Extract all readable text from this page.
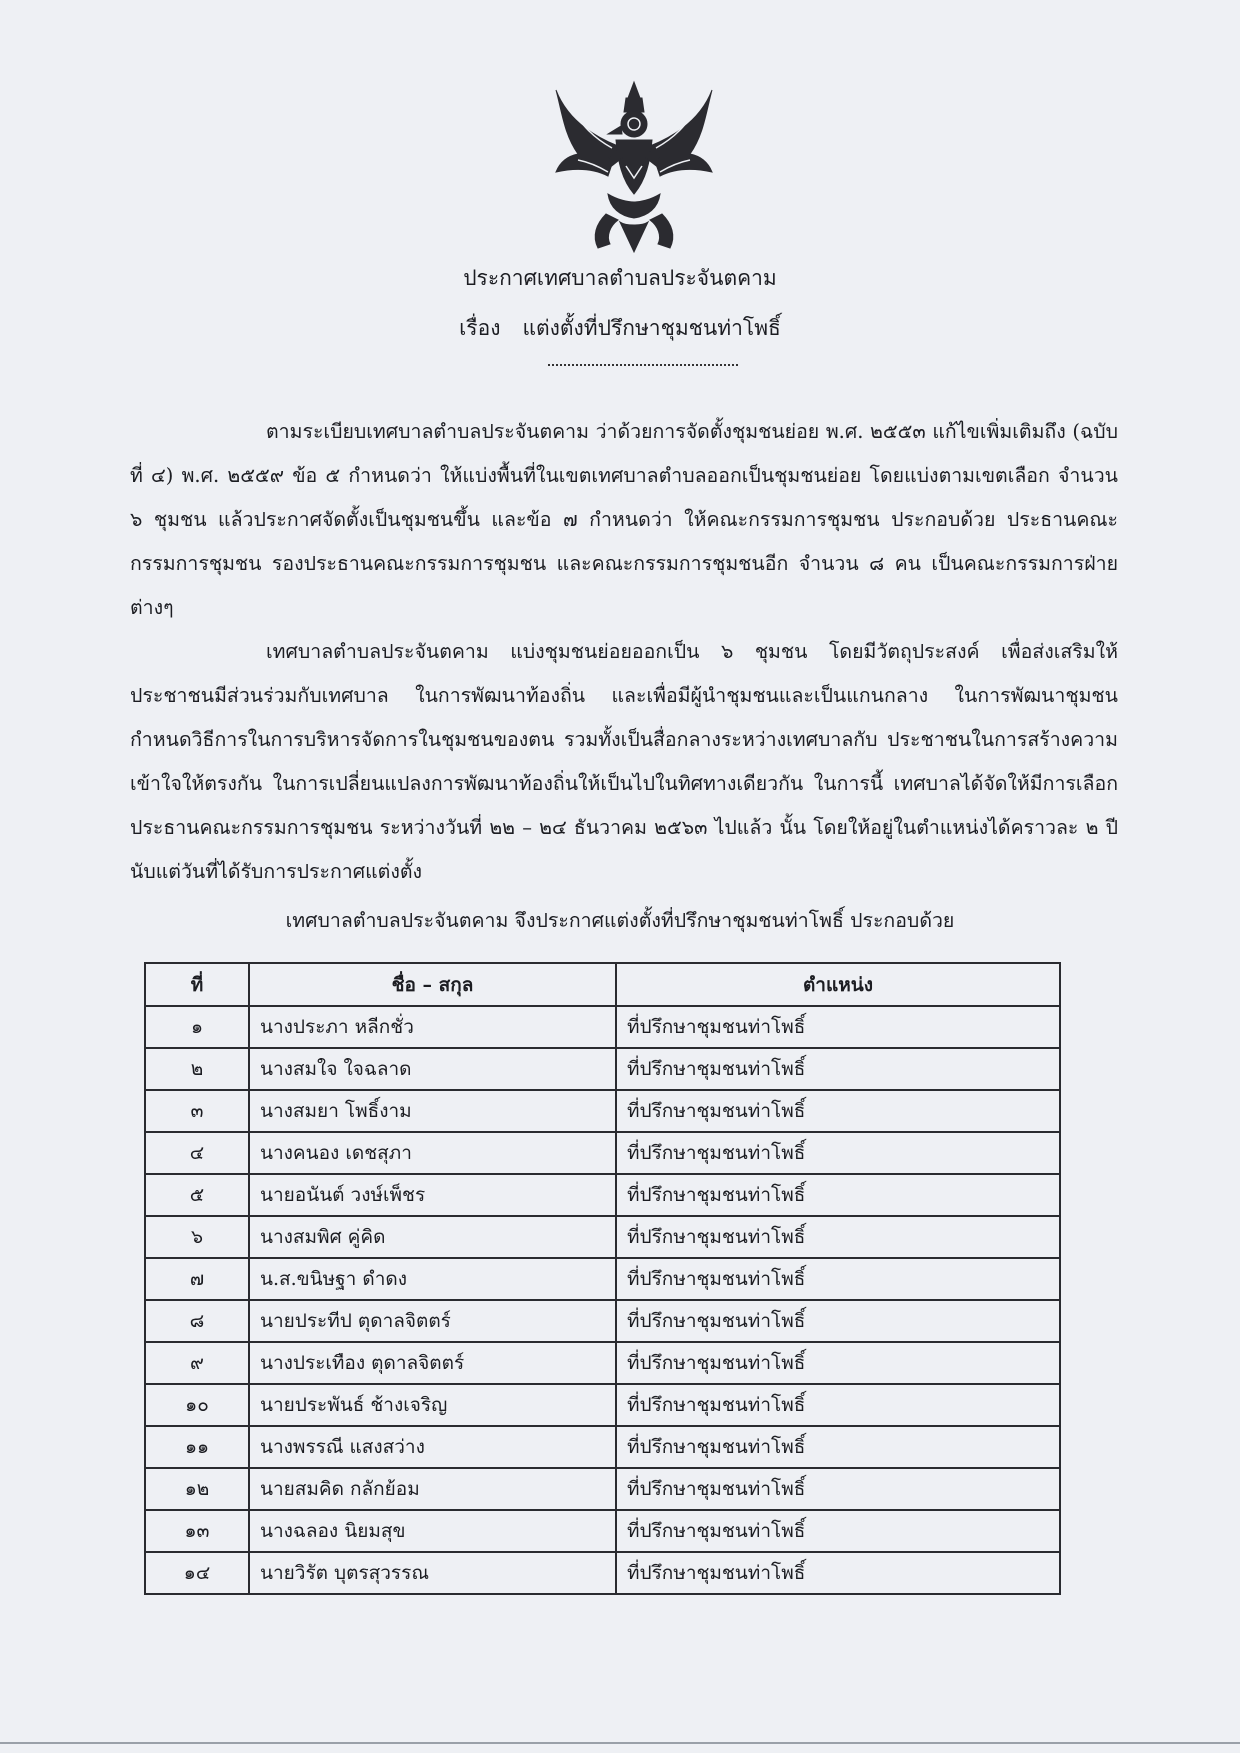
ประกาศเทศบาลตำบลประจันตคาม
เรื่อง แต่งตั้งที่ปรึกษาชุมชนท่าโพธิ์

ตามระเบียบเทศบาลตำบลประจันตคาม ว่าด้วยการจัดตั้งชุมชนย่อย พ.ศ. ๒๕๕๓ แก้ไขเพิ่มเติมถึง (ฉบับที่ ๔) พ.ศ. ๒๕๕๙ ข้อ ๕ กำหนดว่า ให้แบ่งพื้นที่ในเขตเทศบาลตำบลออกเป็นชุมชนย่อย โดยแบ่งตามเขตเลือก จำนวน ๖ ชุมชน แล้วประกาศจัดตั้งเป็นชุมชนขึ้น และข้อ ๗ กำหนดว่า ให้คณะกรรมการชุมชน ประกอบด้วย ประธานคณะกรรมการชุมชน รองประธานคณะกรรมการชุมชน และคณะกรรมการชุมชนอีก จำนวน ๘ คน เป็นคณะกรรมการฝ่ายต่างๆ

เทศบาลตำบลประจันตคาม แบ่งชุมชนย่อยออกเป็น ๖ ชุมชน โดยมีวัตถุประสงค์ เพื่อส่งเสริมให้ประชาชนมีส่วนร่วมกับเทศบาล ในการพัฒนาท้องถิ่น และเพื่อมีผู้นำชุมชนและเป็นแกนกลาง ในการพัฒนาชุมชน กำหนดวิธีการในการบริหารจัดการในชุมชนของตน รวมทั้งเป็นสื่อกลางระหว่างเทศบาลกับ ประชาชนในการสร้างความเข้าใจให้ตรงกัน ในการเปลี่ยนแปลงการพัฒนาท้องถิ่นให้เป็นไปในทิศทางเดียวกัน ในการนี้ เทศบาลได้จัดให้มีการเลือกประธานคณะกรรมการชุมชน ระหว่างวันที่ ๒๒ – ๒๔ ธันวาคม ๒๕๖๓ ไปแล้ว นั้น โดยให้อยู่ในตำแหน่งได้คราวละ ๒ ปี นับแต่วันที่ได้รับการประกาศแต่งตั้ง

เทศบาลตำบลประจันตคาม จึงประกาศแต่งตั้งที่ปรึกษาชุมชนท่าโพธิ์ ประกอบด้วย
ที่	ชื่อ – สกุล	ตำแหน่ง
๑	นางประภา หลีกชั่ว	ที่ปรึกษาชุมชนท่าโพธิ์
๒	นางสมใจ ใจฉลาด	ที่ปรึกษาชุมชนท่าโพธิ์
๓	นางสมยา โพธิ์งาม	ที่ปรึกษาชุมชนท่าโพธิ์
๔	นางคนอง เดชสุภา	ที่ปรึกษาชุมชนท่าโพธิ์
๕	นายอนันต์ วงษ์เพ็ชร	ที่ปรึกษาชุมชนท่าโพธิ์
๖	นางสมพิศ คู่คิด	ที่ปรึกษาชุมชนท่าโพธิ์
๗	น.ส.ขนิษฐา ดำดง	ที่ปรึกษาชุมชนท่าโพธิ์
๘	นายประทีป ตุดาลจิตตร์	ที่ปรึกษาชุมชนท่าโพธิ์
๙	นางประเทือง ตุดาลจิตตร์	ที่ปรึกษาชุมชนท่าโพธิ์
๑๐	นายประพันธ์ ช้างเจริญ	ที่ปรึกษาชุมชนท่าโพธิ์
๑๑	นางพรรณี แสงสว่าง	ที่ปรึกษาชุมชนท่าโพธิ์
๑๒	นายสมคิด กลักย้อม	ที่ปรึกษาชุมชนท่าโพธิ์
๑๓	นางฉลอง นิยมสุข	ที่ปรึกษาชุมชนท่าโพธิ์
๑๔	นายวิรัต บุตรสุวรรณ	ที่ปรึกษาชุมชนท่าโพธิ์
